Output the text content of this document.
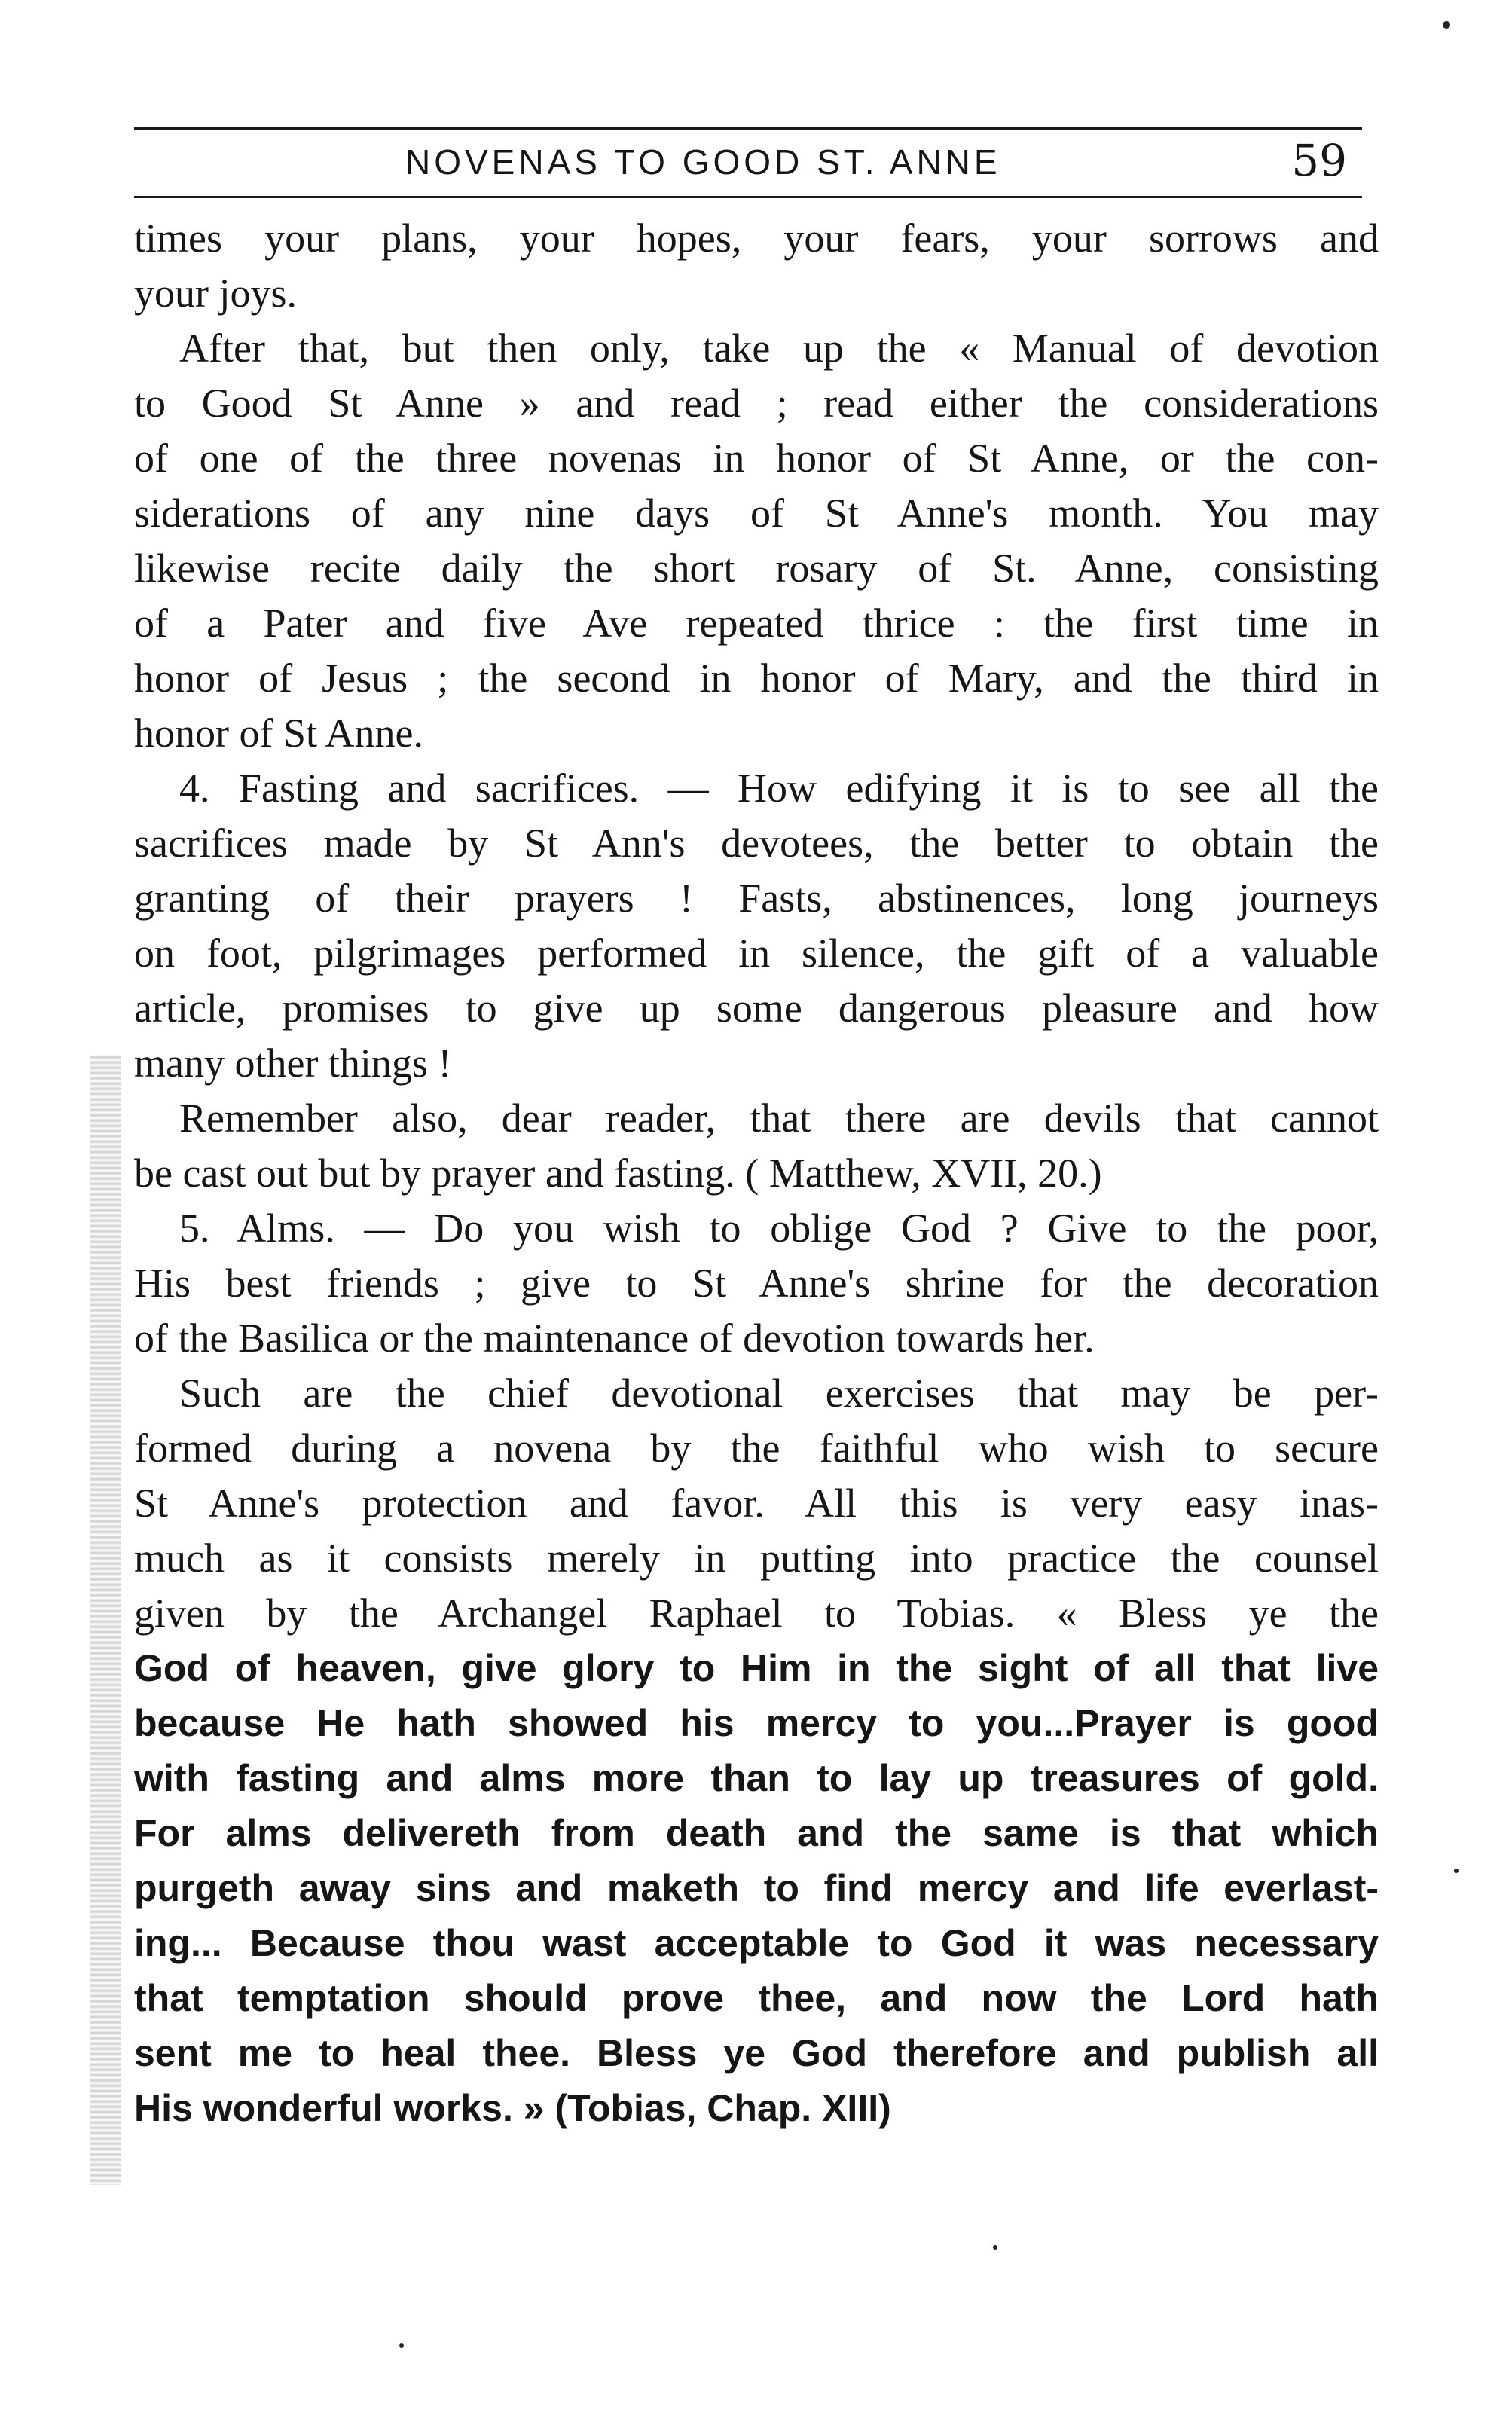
NOVENAS TO GOOD ST. ANNE	59
times your plans, your hopes, your fears, your sorrows and
your joys.
After that, but then only, take up the « Manual of devotion
to Good St Anne » and read ; read either the considerations
of one of the three novenas in honor of St Anne, or the con-
siderations of any nine days of St Anne's month. You may
likewise recite daily the short rosary of St. Anne, consisting
of a Pater and five Ave repeated thrice : the first time in
honor of Jesus ; the second in honor of Mary, and the third in
honor of St Anne.
4. Fasting and sacrifices. — How edifying it is to see all the
sacrifices made by St Ann's devotees, the better to obtain the
granting of their prayers ! Fasts, abstinences, long journeys
on foot, pilgrimages performed in silence, the gift of a valuable
article, promises to give up some dangerous pleasure and how
many other things !
Remember also, dear reader, that there are devils that cannot
be cast out but by prayer and fasting. ( Matthew, XVII, 20.)
5. Alms. — Do you wish to oblige God ? Give to the poor,
His best friends ; give to St Anne's shrine for the decoration
of the Basilica or the maintenance of devotion towards her.
Such are the chief devotional exercises that may be per-
formed during a novena by the faithful who wish to secure
St Anne's protection and favor. All this is very easy inas-
much as it consists merely in putting into practice the counsel
given by the Archangel Raphael to Tobias. « Bless ye the
God of heaven, give glory to Him in the sight of all that live
because He hath showed his mercy to you...Prayer is good
with fasting and alms more than to lay up treasures of gold.
For alms delivereth from death and the same is that which
purgeth away sins and maketh to find mercy and life everlast-
ing... Because thou wast acceptable to God it was necessary
that temptation should prove thee, and now the Lord hath
sent me to heal thee. Bless ye God therefore and publish all
His wonderful works. » (Tobias, Chap. XIII)
